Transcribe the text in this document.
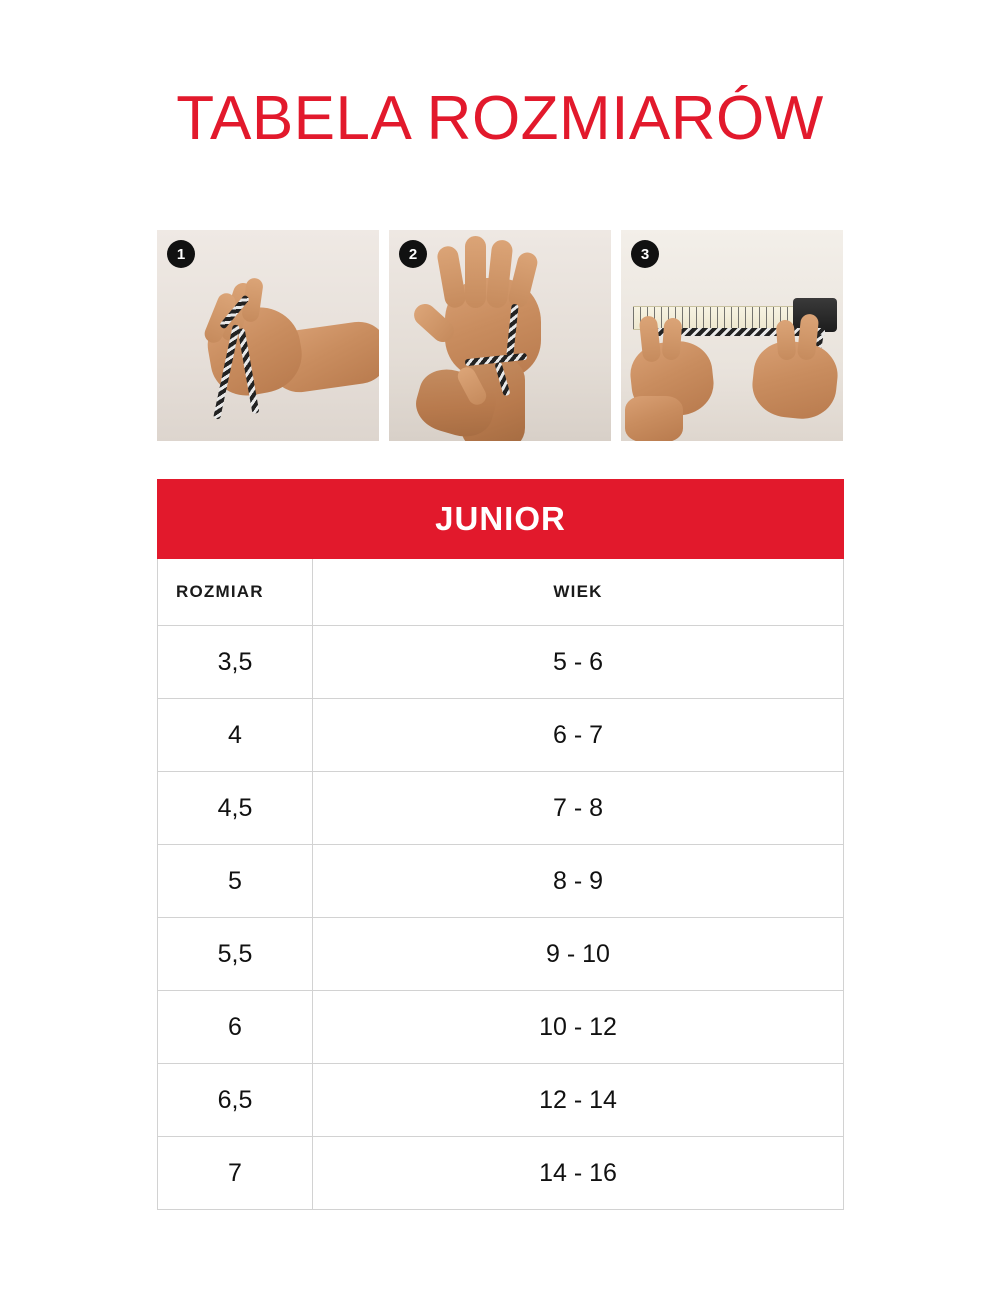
TABELA ROZMIARÓW
1	2	3
JUNIOR	
ROZMIAR	WIEK
3,5	5 - 6
4	6 - 7
4,5	7 - 8
5	8 - 9
5,5	9 - 10
6	10 - 12
6,5	12 - 14
7	14 - 16
